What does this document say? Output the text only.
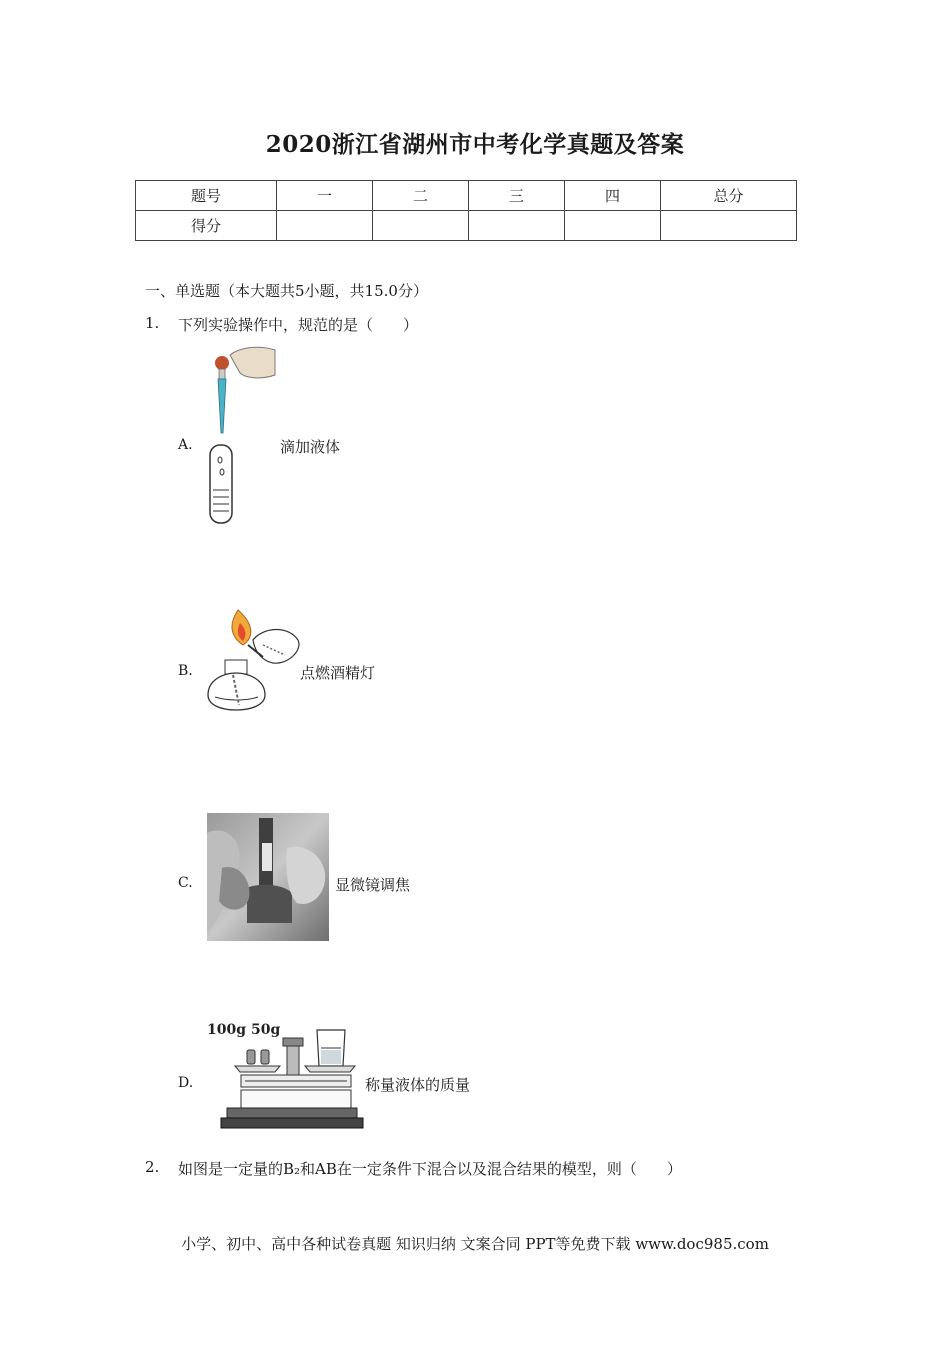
2020浙江省湖州市中考化学真题及答案
题号	一	二	三	四	总分
得分					
一、单选题（本大题共5小题，共15.0分）
1. 下列实验操作中，规范的是（　　）
A.	滴加液体
B.	点燃酒精灯
C.	显微镜调焦
D.
100g 50g
称量液体的质量
2. 如图是一定量的B₂和AB在一定条件下混合以及混合结果的模型，则（　　）
小学、初中、高中各种试卷真题 知识归纳 文案合同 PPT等免费下载 www.doc985.com
